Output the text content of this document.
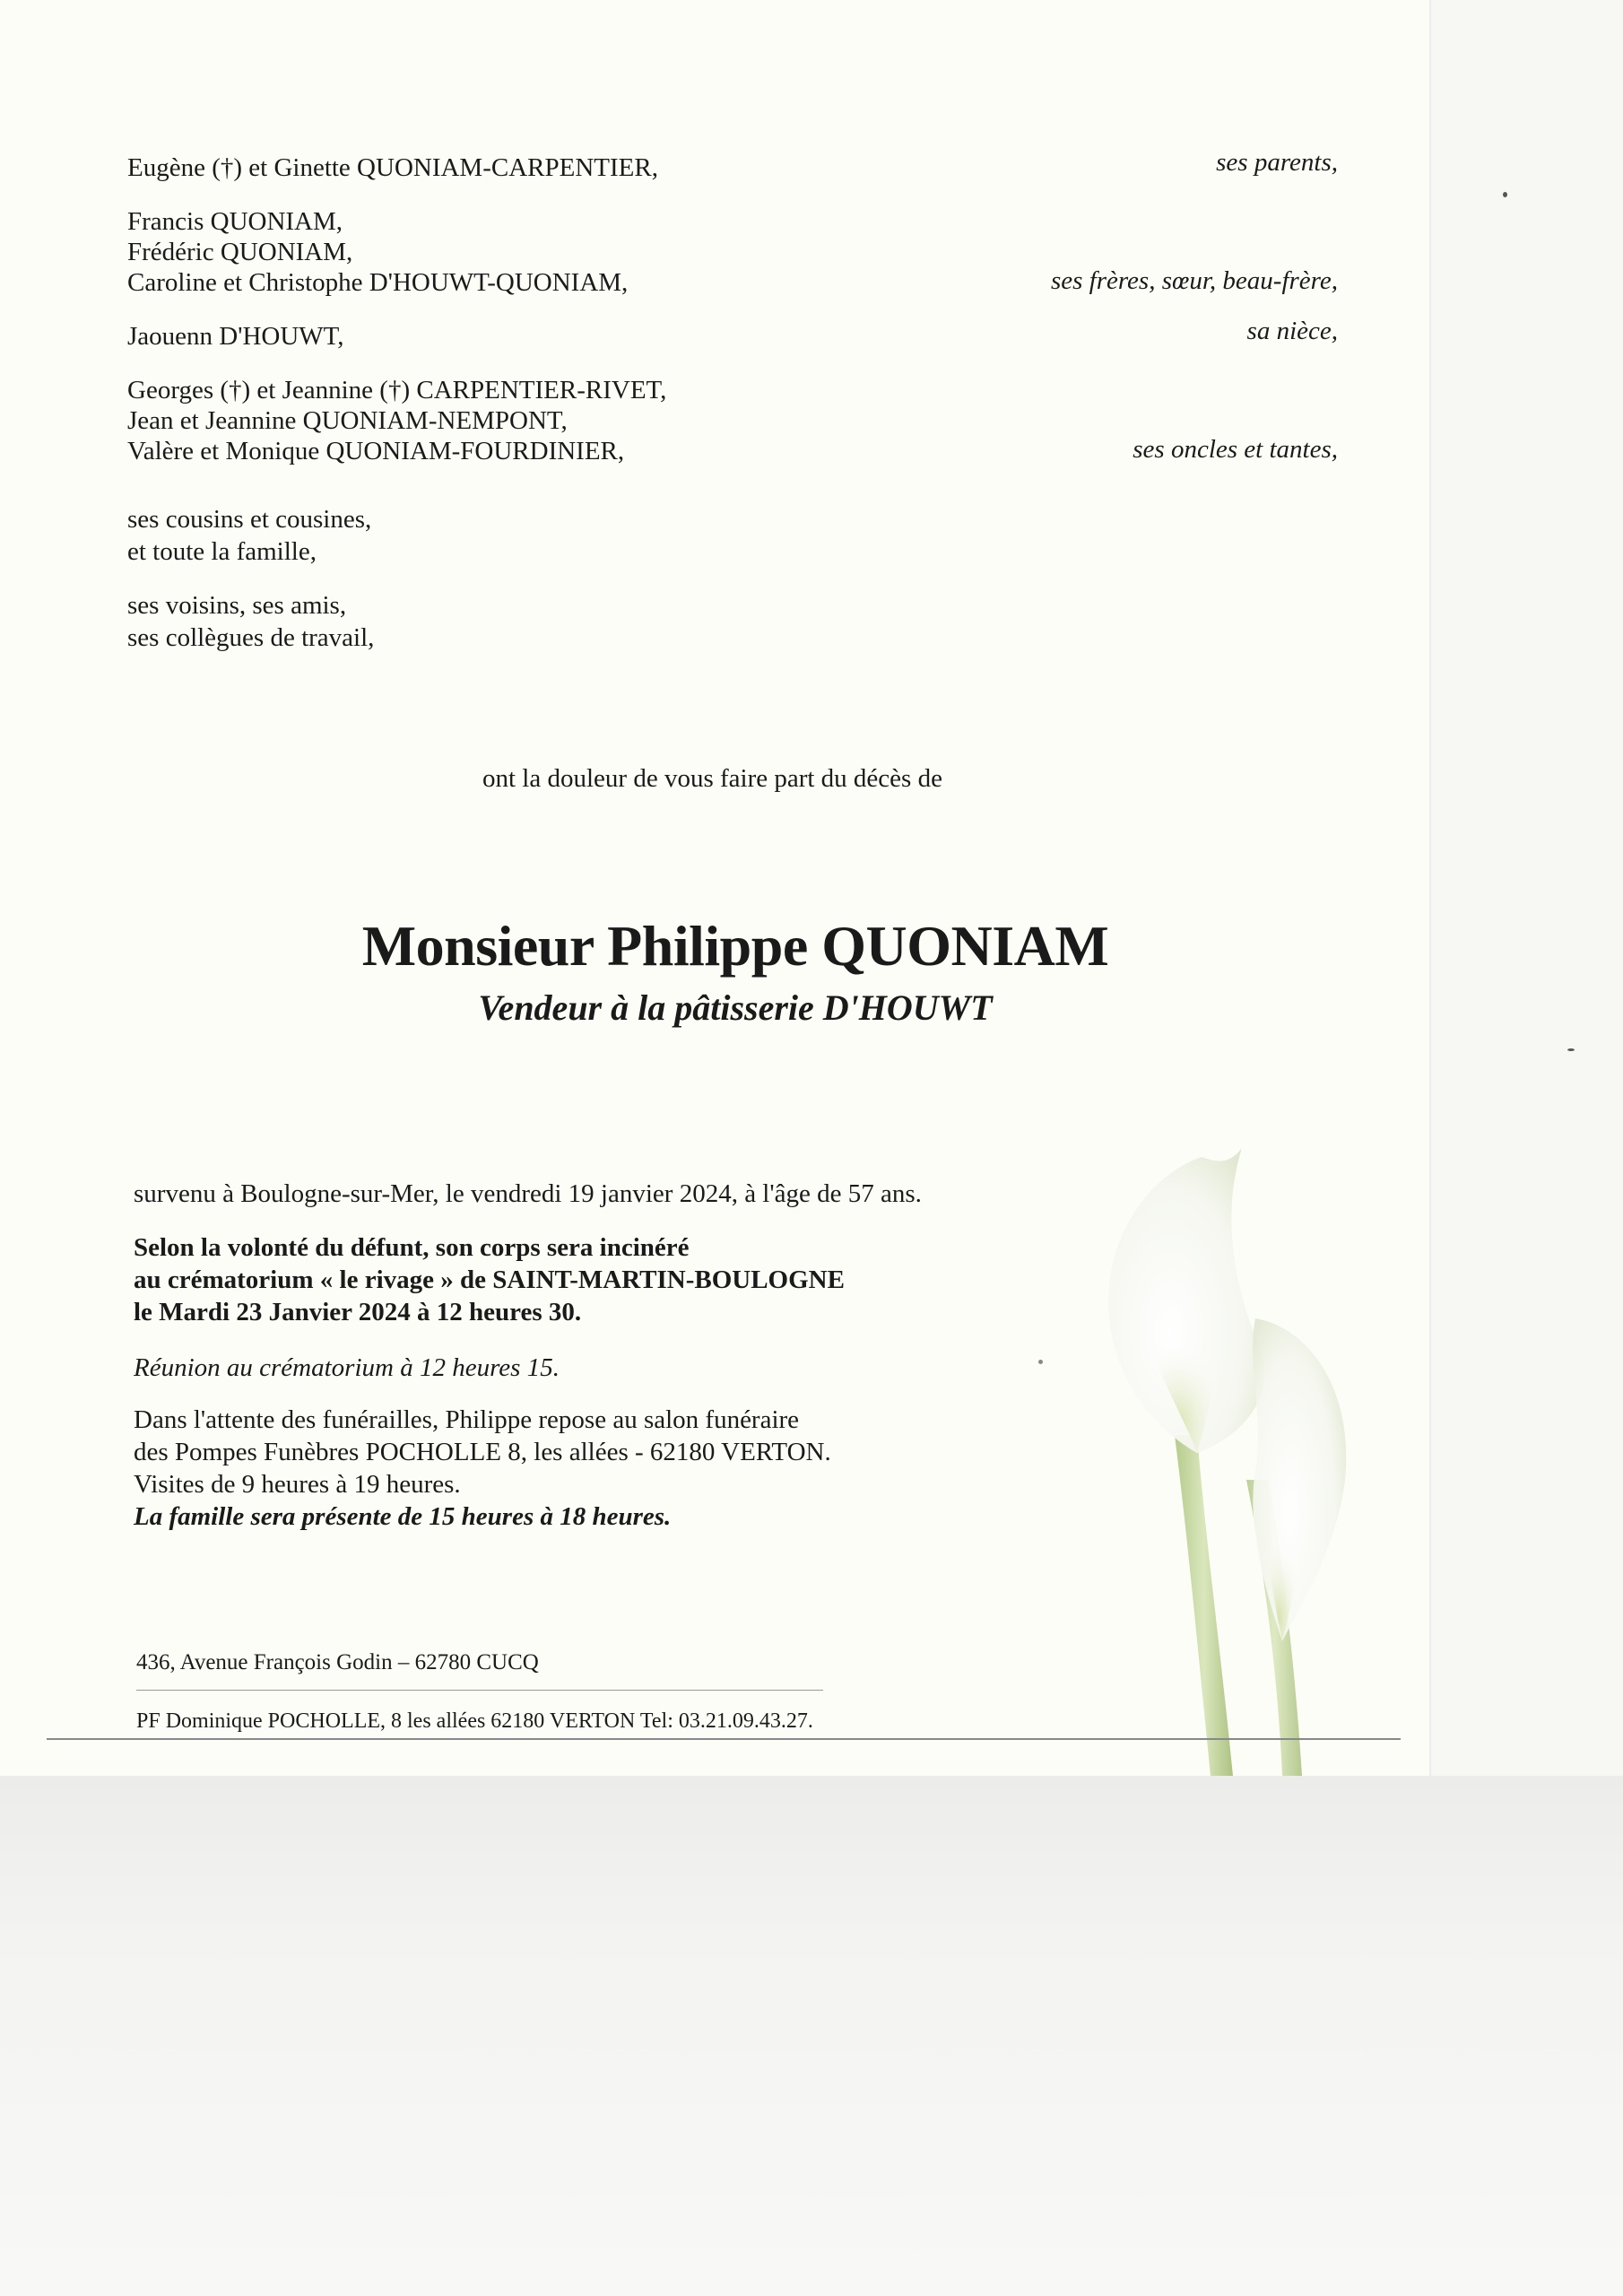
Eugène (†) et Ginette QUONIAM-CARPENTIER,
Francis QUONIAM,
Frédéric QUONIAM,
Caroline et Christophe D'HOUWT-QUONIAM,
Jaouenn D'HOUWT,
Georges (†) et Jeannine (†) CARPENTIER-RIVET,
Jean et Jeannine QUONIAM-NEMPONT,
Valère et Monique QUONIAM-FOURDINIER,
ses cousins et cousines,
et toute la famille,
ses voisins, ses amis,
ses collègues de travail,
ses parents,
ses frères, sœur, beau-frère,
sa nièce,
ses oncles et tantes,
ont la douleur de vous faire part du décès de
Monsieur Philippe QUONIAM
Vendeur à la pâtisserie D'HOUWT
survenu à Boulogne-sur-Mer, le vendredi 19 janvier 2024, à l'âge de 57 ans.
Selon la volonté du défunt, son corps sera incinéré
au crématorium « le rivage » de SAINT-MARTIN-BOULOGNE
le Mardi 23 Janvier 2024 à 12 heures 30.
Réunion au crématorium à 12 heures 15.
Dans l'attente des funérailles, Philippe repose au salon funéraire
des Pompes Funèbres POCHOLLE 8, les allées - 62180 VERTON.
Visites de 9 heures à 19 heures.
La famille sera présente de 15 heures à 18 heures.
436, Avenue François Godin – 62780 CUCQ
PF Dominique POCHOLLE, 8 les allées 62180 VERTON Tel: 03.21.09.43.27.
